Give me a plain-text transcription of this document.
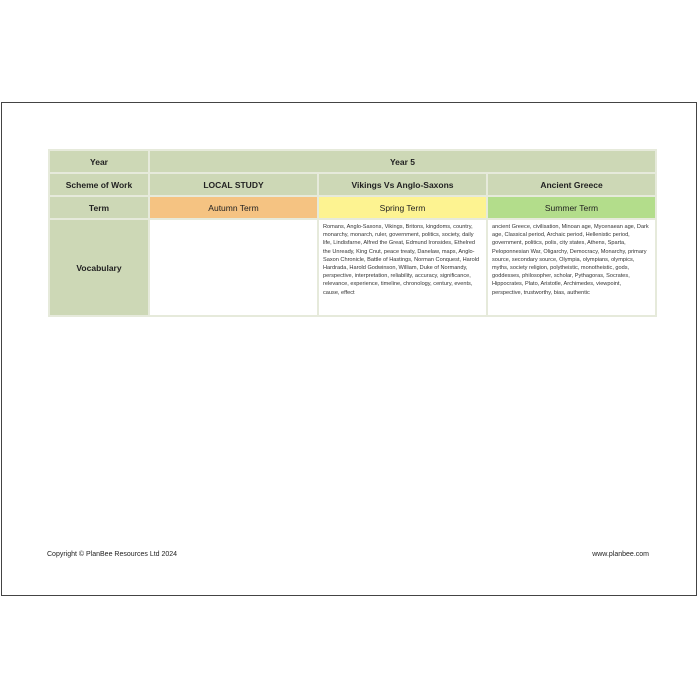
Year	Year 5		
Scheme of Work	LOCAL STUDY	Vikings Vs Anglo-Saxons	Ancient Greece
Term	Autumn Term	Spring Term	Summer Term
Vocabulary		Romans, Anglo-Saxons, Vikings, Britons, kingdoms, country, monarchy, monarch, ruler, government, politics, society, daily life, Lindisfarne, Alfred the Great, Edmund Ironsides, Ethelred the Unready, King Cnut, peace treaty, Danelaw, maps, Anglo-Saxon Chronicle, Battle of Hastings, Norman Conquest, Harold Hardrada, Harold Godwinson, William, Duke of Normandy, perspective, interpretation, reliability, accuracy, significance, relevance, experience, timeline, chronology, century, events, cause, effect	ancient Greece, civilisation, Minoan age, Mycenaean age, Dark age, Classical period, Archaic period, Hellenistic period, government, politics, polis, city states, Athens, Sparta, Peloponnesian War, Oligarchy, Democracy, Monarchy, primary source, secondary source, Olympia, olympians, olympics, myths, society religion, polytheistic, monotheistic, gods, goddesses, philosopher, scholar, Pythagoras, Socrates, Hippocrates, Plato, Aristotle, Archimedes, viewpoint, perspective, trustworthy, bias, authentic
Copyright © PlanBee Resources Ltd 2024	www.planbee.com
